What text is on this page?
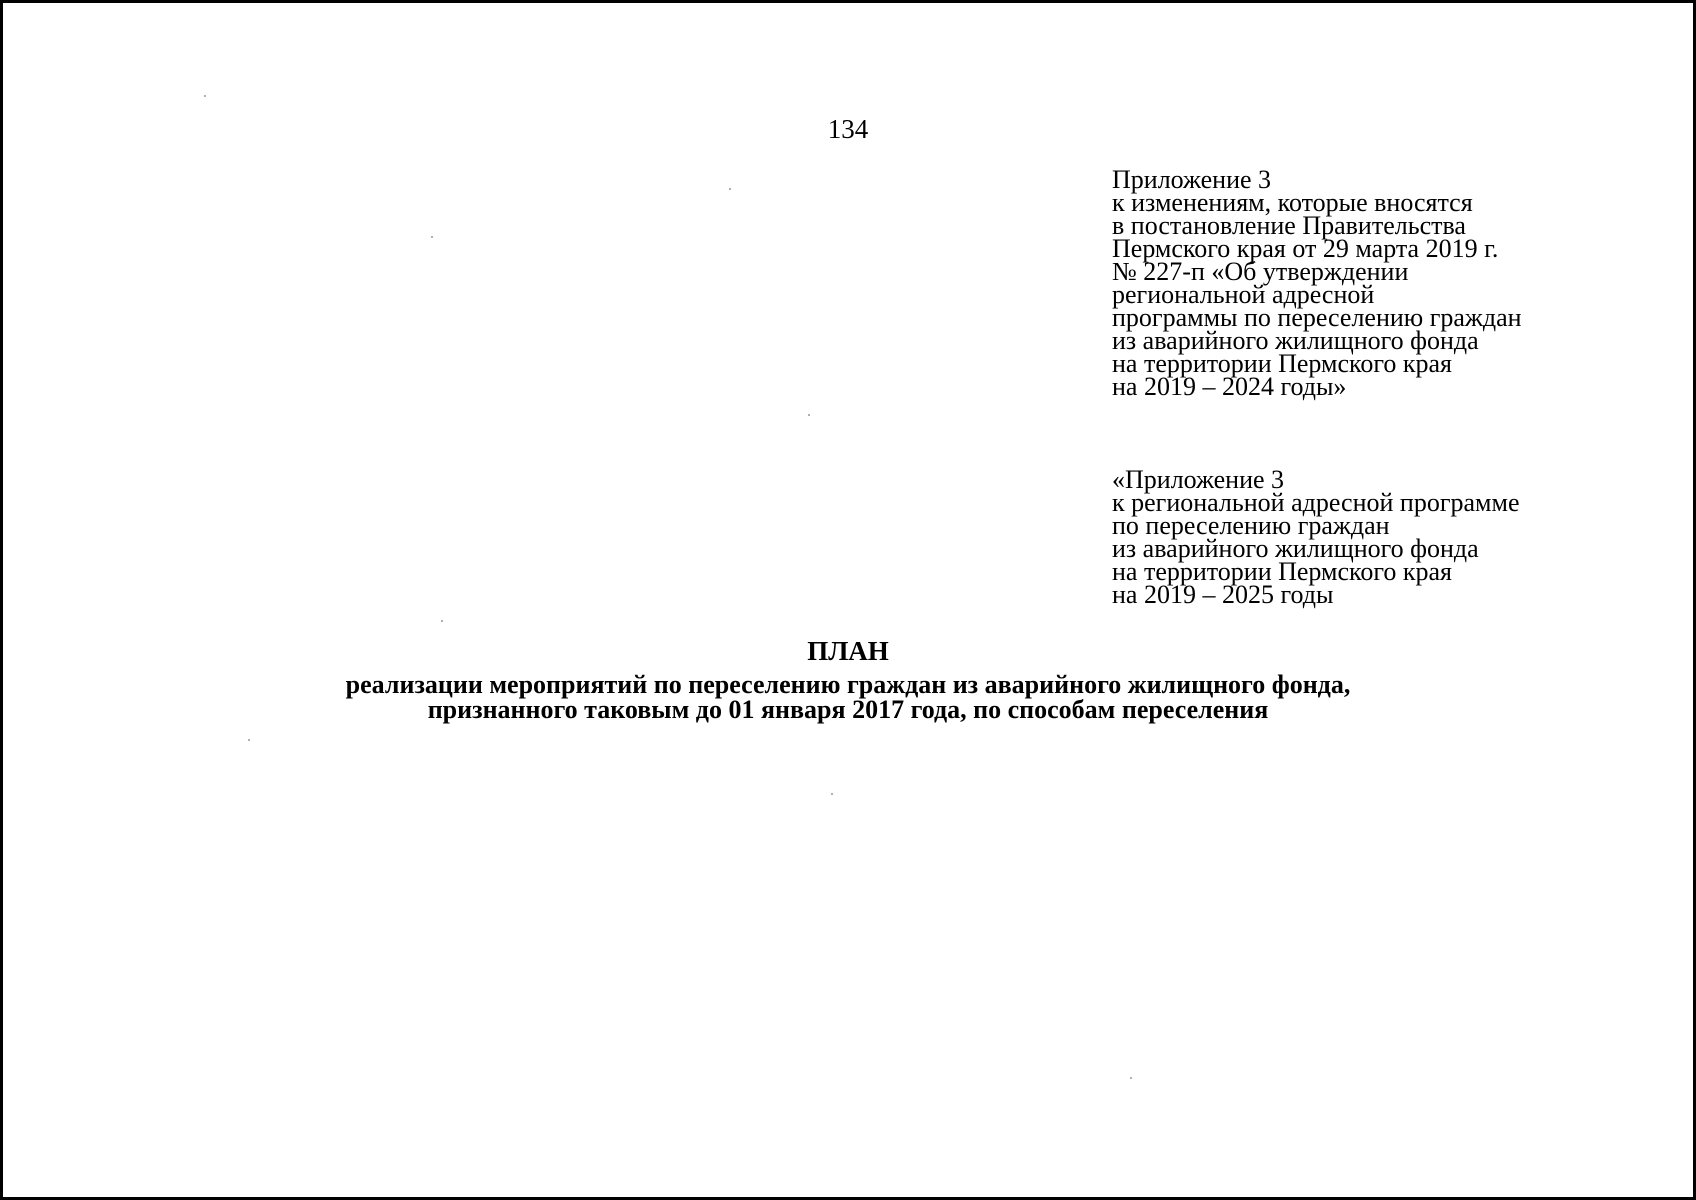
134
Приложение 3
к изменениям, которые вносятся
в постановление Правительства
Пермского края от 29 марта 2019 г.
№ 227-п «Об утверждении
региональной адресной
программы по переселению граждан
из аварийного жилищного фонда
на территории Пермского края
на 2019 – 2024 годы»
«Приложение 3
к региональной адресной программе
по переселению граждан
из аварийного жилищного фонда
на территории Пермского края
на 2019 – 2025 годы
ПЛАН
реализации мероприятий по переселению граждан из аварийного жилищного фонда,
признанного таковым до 01 января 2017 года, по способам переселения
